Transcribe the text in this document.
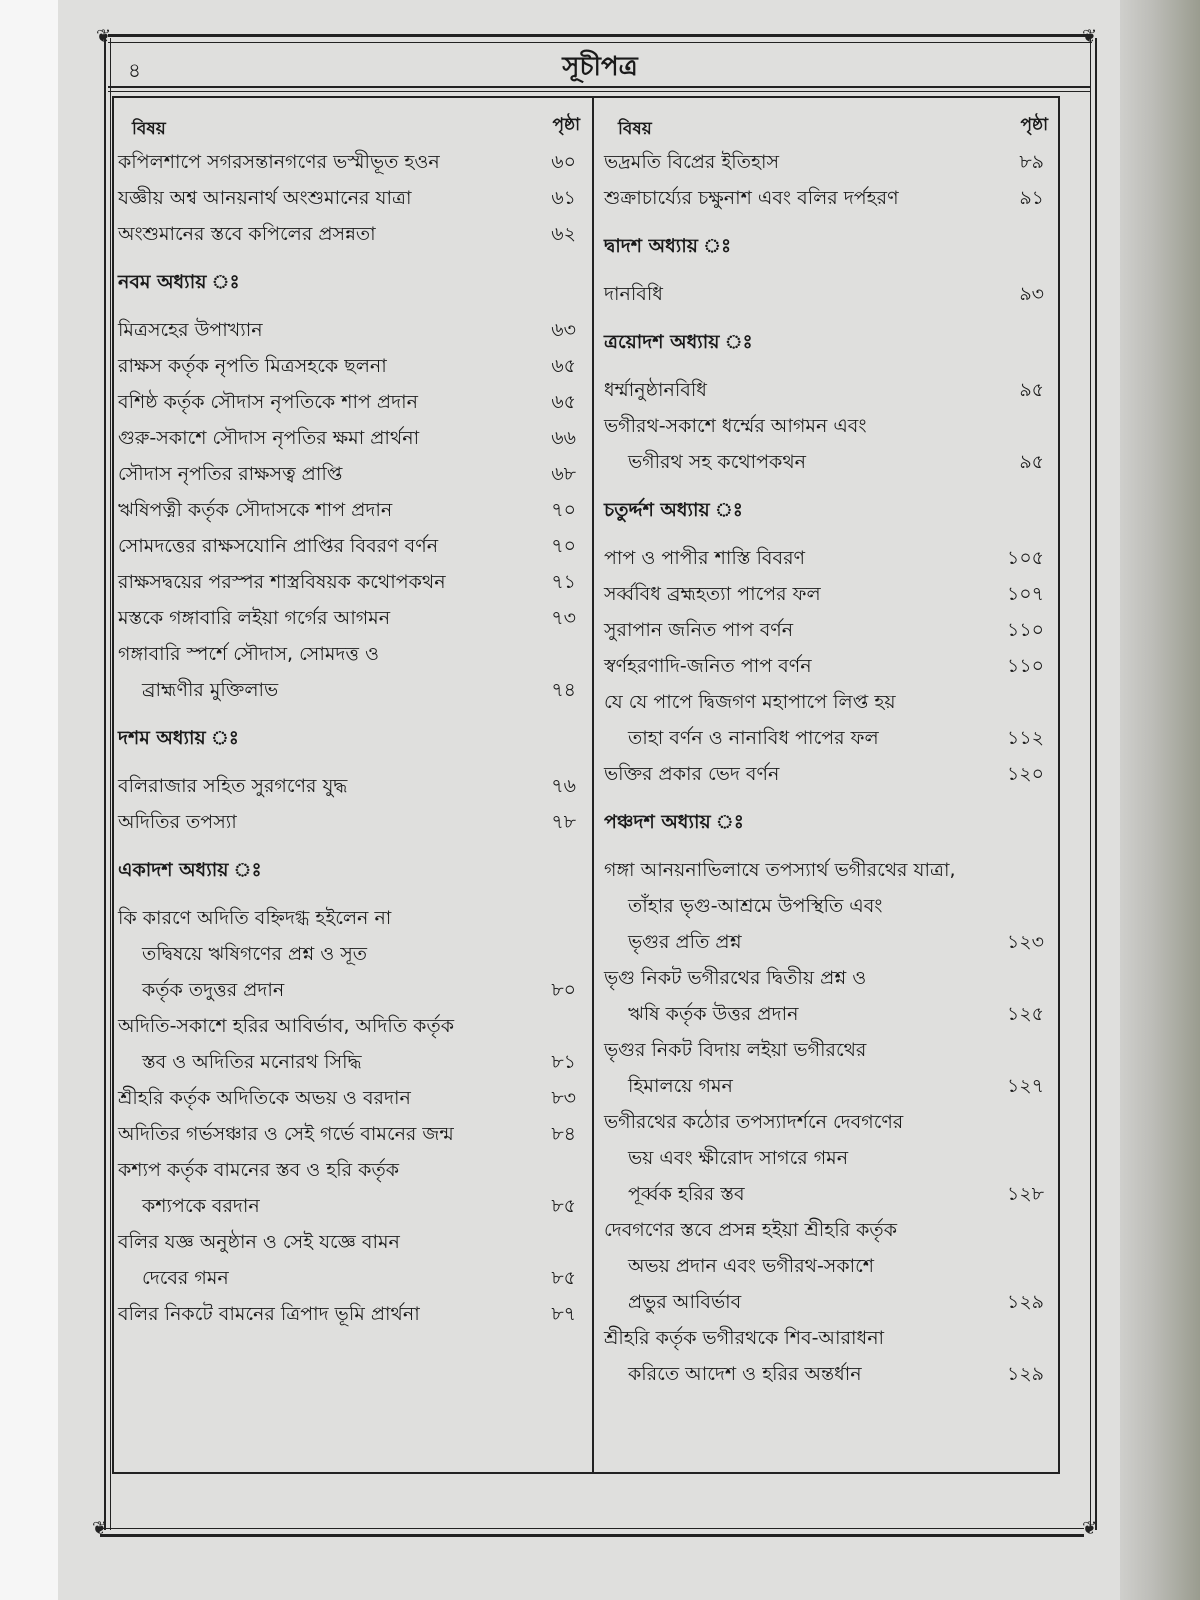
❦	❦
❦	❦
৪	সূচীপত্র
বিষয়	পৃষ্ঠা
কপিলশাপে সগরসন্তানগণের ভস্মীভূত হওন	৬০
যজ্ঞীয় অশ্ব আনয়নার্থ অংশুমানের যাত্রা	৬১
অংশুমানের স্তবে কপিলের প্রসন্নতা	৬২
নবম অধ্যায় ঃ
মিত্রসহের উপাখ্যান	৬৩
রাক্ষস কর্তৃক নৃপতি মিত্রসহকে ছলনা	৬৫
বশিষ্ঠ কর্তৃক সৌদাস নৃপতিকে শাপ প্রদান	৬৫
গুরু-সকাশে সৌদাস নৃপতির ক্ষমা প্রার্থনা	৬৬
সৌদাস নৃপতির রাক্ষসত্ব প্রাপ্তি	৬৮
ঋষিপত্নী কর্তৃক সৌদাসকে শাপ প্রদান	৭০
সোমদত্তের রাক্ষসযোনি প্রাপ্তির বিবরণ বর্ণন	৭০
রাক্ষসদ্বয়ের পরস্পর শাস্ত্রবিষয়ক কথোপকথন	৭১
মস্তকে গঙ্গাবারি লইয়া গর্গের আগমন	৭৩
গঙ্গাবারি স্পর্শে সৌদাস, সোমদত্ত ও
ব্রাহ্মণীর মুক্তিলাভ	৭৪
দশম অধ্যায় ঃ
বলিরাজার সহিত সুরগণের যুদ্ধ	৭৬
অদিতির তপস্যা	৭৮
একাদশ অধ্যায় ঃ
কি কারণে অদিতি বহ্নিদগ্ধ হইলেন না
তদ্বিষয়ে ঋষিগণের প্রশ্ন ও সূত
কর্তৃক তদুত্তর প্রদান	৮০
অদিতি-সকাশে হরির আবির্ভাব, অদিতি কর্তৃক
স্তব ও অদিতির মনোরথ সিদ্ধি	৮১
শ্রীহরি কর্তৃক অদিতিকে অভয় ও বরদান	৮৩
অদিতির গর্ভসঞ্চার ও সেই গর্ভে বামনের জন্ম	৮৪
কশ্যপ কর্তৃক বামনের স্তব ও হরি কর্তৃক
কশ্যপকে বরদান	৮৫
বলির যজ্ঞ অনুষ্ঠান ও সেই যজ্ঞে বামন
দেবের গমন	৮৫
বলির নিকটে বামনের ত্রিপাদ ভূমি প্রার্থনা	৮৭
বিষয়	পৃষ্ঠা
ভদ্রমতি বিপ্রের ইতিহাস	৮৯
শুক্রাচার্য্যের চক্ষুনাশ এবং বলির দর্পহরণ	৯১
দ্বাদশ অধ্যায় ঃ
দানবিধি	৯৩
ত্রয়োদশ অধ্যায় ঃ
ধর্ম্মানুষ্ঠানবিধি	৯৫
ভগীরথ-সকাশে ধর্ম্মের আগমন এবং
ভগীরথ সহ কথোপকথন	৯৫
চতুর্দ্দশ অধ্যায় ঃ
পাপ ও পাপীর শাস্তি বিবরণ	১০৫
সর্ব্ববিধ ব্রহ্মহত্যা পাপের ফল	১০৭
সুরাপান জনিত পাপ বর্ণন	১১০
স্বর্ণহরণাদি-জনিত পাপ বর্ণন	১১০
যে যে পাপে দ্বিজগণ মহাপাপে লিপ্ত হয়
তাহা বর্ণন ও নানাবিধ পাপের ফল	১১২
ভক্তির প্রকার ভেদ বর্ণন	১২০
পঞ্চদশ অধ্যায় ঃ
গঙ্গা আনয়নাভিলাষে তপস্যার্থ ভগীরথের যাত্রা,
তাঁহার ভৃগু-আশ্রমে উপস্থিতি এবং
ভৃগুর প্রতি প্রশ্ন	১২৩
ভৃগু নিকট ভগীরথের দ্বিতীয় প্রশ্ন ও
ঋষি কর্তৃক উত্তর প্রদান	১২৫
ভৃগুর নিকট বিদায় লইয়া ভগীরথের
হিমালয়ে গমন	১২৭
ভগীরথের কঠোর তপস্যাদর্শনে দেবগণের
ভয় এবং ক্ষীরোদ সাগরে গমন
পূর্ব্বক হরির স্তব	১২৮
দেবগণের স্তবে প্রসন্ন হইয়া শ্রীহরি কর্তৃক
অভয় প্রদান এবং ভগীরথ-সকাশে
প্রভুর আবির্ভাব	১২৯
শ্রীহরি কর্তৃক ভগীরথকে শিব-আরাধনা
করিতে আদেশ ও হরির অন্তর্ধান	১২৯
